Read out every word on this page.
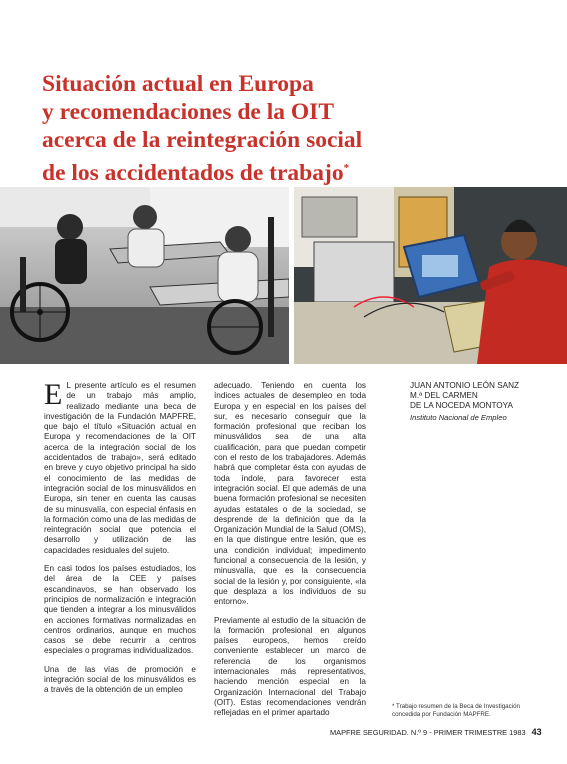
Situación actual en Europa
y recomendaciones de la OIT
acerca de la reintegración social
de los accidentados de trabajo*

E L presente artículo es el resumen de un trabajo más amplio, realizado mediante una beca de investigación de la Fundación MAPFRE, que bajo el título «Situación actual en Europa y recomendaciones de la OIT acerca de la integración social de los accidentados de trabajo», será editado en breve y cuyo objetivo principal ha sido el conocimiento de las medidas de integración social de los minusválidos en Europa, sin tener en cuenta las causas de su minusvalía, con especial énfasis en la formación como una de las medidas de reintegración social que potencia el desarrollo y utilización de las capacidades residuales del sujeto.

En casi todos los países estudiados, los del área de la CEE y países escandinavos, se han observado los principios de normalización e integración que tienden a integrar a los minusválidos en acciones formativas normalizadas en centros ordinarios, aunque en muchos casos se debe recurrir a centros especiales o programas individualizados.

Una de las vías de promoción e integración social de los minusválidos es a través de la obtención de un empleo

adecuado. Teniendo en cuenta los índices actuales de desempleo en toda Europa y en especial en los países del sur, es necesario conseguir que la formación profesional que reciban los minusválidos sea de una alta cualificación, para que puedan competir con el resto de los trabajadores. Además habrá que completar ésta con ayudas de toda índole, para favorecer esta integración social. El que además de una buena formación profesional se necesiten ayudas estatales o de la sociedad, se desprende de la definición que da la Organización Mundial de la Salud (OMS), en la que distingue entre lesión, que es una condición individual; impedimento funcional a consecuencia de la lesión, y minusvalía, que es la consecuencia social de la lesión y, por consiguiente, «la que desplaza a los individuos de su entorno».

Previamente al estudio de la situación de la formación profesional en algunos países europeos, hemos creído conveniente establecer un marco de referencia de los organismos internacionales más representativos, haciendo mención especial en la Organización Internacional del Trabajo (OIT). Estas recomendaciones vendrán reflejadas en el primer apartado

JUAN ANTONIO LEÓN SANZ

M.ª DEL CARMEN

DE LA NOCEDA MONTOYA

Instituto Nacional de Empleo

* Trabajo resumen de la Beca de Investigación concedida por Fundación MAPFRE.
MAPFRE SEGURIDAD. N.º 9 - PRIMER TRIMESTRE 1983 43
